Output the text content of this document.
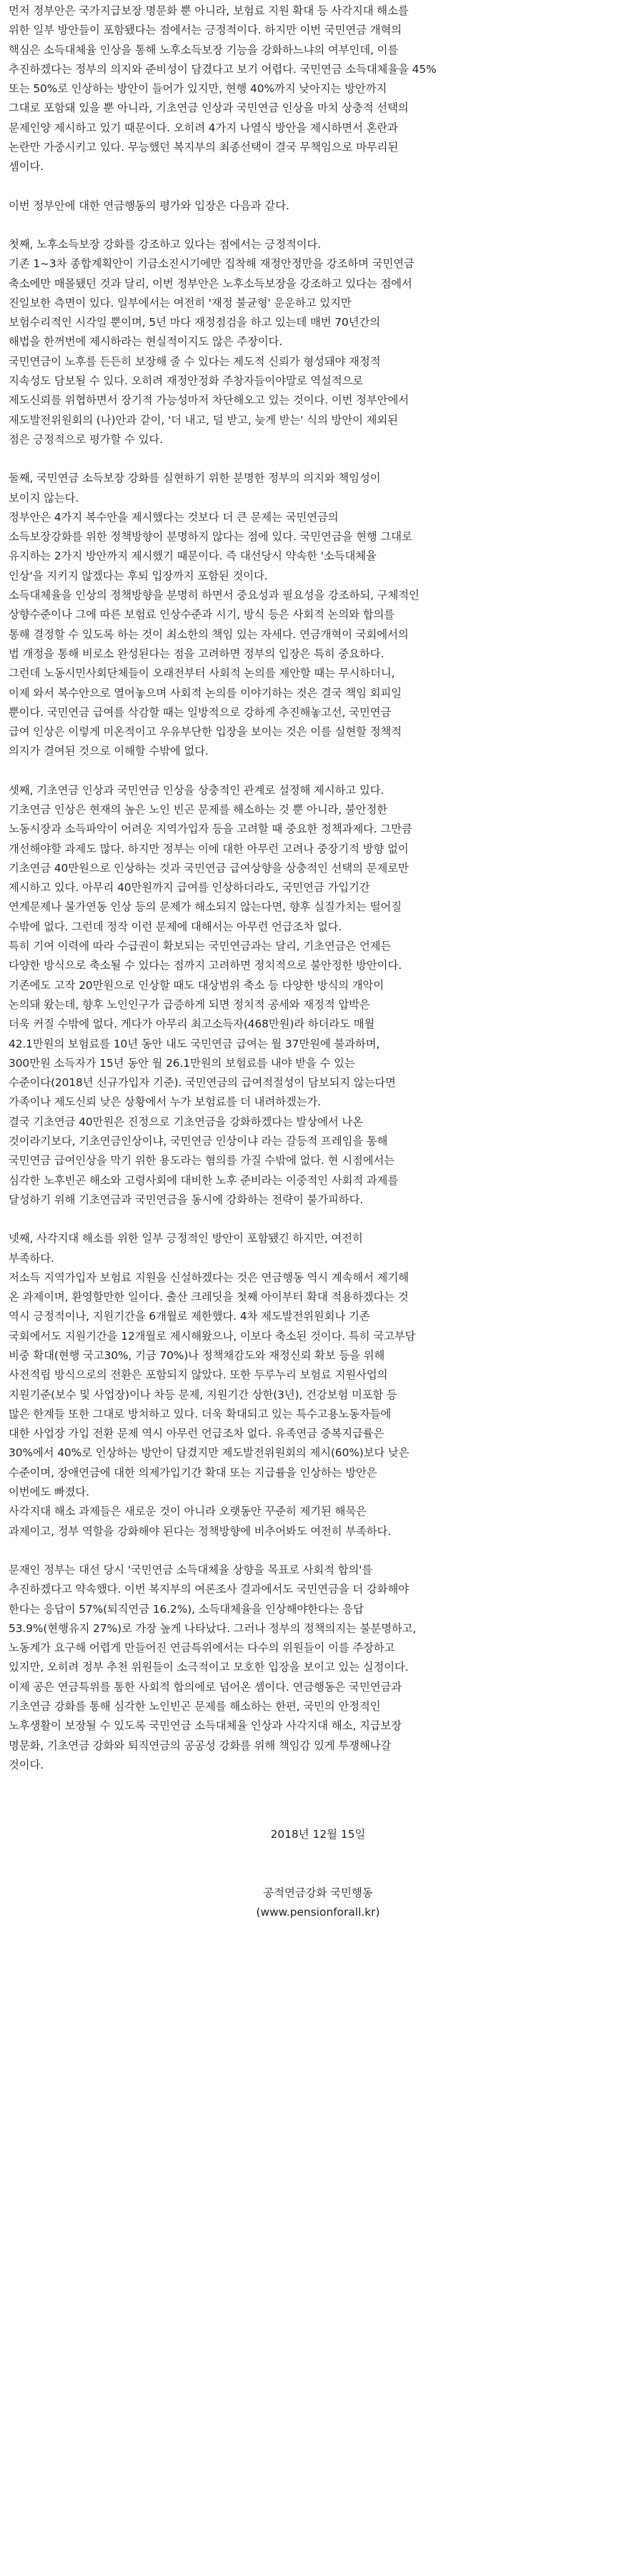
먼저 정부안은 국가지급보장 명문화 뿐 아니라, 보험료 지원 확대 등 사각지대 해소를
위한 일부 방안들이 포함됐다는 점에서는 긍정적이다. 하지만 이번 국민연금 개혁의
핵심은 소득대체율 인상을 통해 노후소득보장 기능을 강화하느냐의 여부인데, 이를
추진하겠다는 정부의 의지와 준비성이 담겼다고 보기 어렵다. 국민연금 소득대체율을 45%
또는 50%로 인상하는 방안이 들어가 있지만, 현행 40%까지 낮아지는 방안까지
그대로 포함돼 있을 뿐 아니라, 기초연금 인상과 국민연금 인상을 마치 상충적 선택의
문제인양 제시하고 있기 때문이다. 오히려 4가지 나열식 방안을 제시하면서 혼란과
논란만 가중시키고 있다. 무능했던 복지부의 최종선택이 결국 무책임으로 마무리된
셈이다.

이번 정부안에 대한 연금행동의 평가와 입장은 다음과 같다.

첫째, 노후소득보장 강화를 강조하고 있다는 점에서는 긍정적이다.
기존 1~3차 종합계획안이 기금소진시기에만 집착해 재정안정만을 강조하며 국민연금
축소에만 매몰됐던 것과 달리, 이번 정부안은 노후소득보장을 강조하고 있다는 점에서
진일보한 측면이 있다. 일부에서는 여전히 '재정 불균형' 운운하고 있지만
보험수리적인 시각일 뿐이며, 5년 마다 재정점검을 하고 있는데 매번 70년간의
해법을 한꺼번에 제시하라는 현실적이지도 않은 주장이다.
국민연금이 노후를 든든히 보장해 줄 수 있다는 제도적 신뢰가 형성돼야 재정적
지속성도 담보될 수 있다. 오히려 재정안정화 주창자들이야말로 역설적으로
제도신뢰를 위협하면서 장기적 가능성마저 차단해오고 있는 것이다. 이번 정부안에서
제도발전위원회의 (나)안과 같이, '더 내고, 덜 받고, 늦게 받는' 식의 방안이 제외된
점은 긍정적으로 평가할 수 있다.

둘째, 국민연금 소득보장 강화를 실현하기 위한 분명한 정부의 의지와 책임성이
보이지 않는다.
정부안은 4가지 복수안을 제시했다는 것보다 더 큰 문제는 국민연금의
소득보장강화를 위한 정책방향이 분명하지 않다는 점에 있다. 국민연금을 현행 그대로
유지하는 2가지 방안까지 제시했기 때문이다. 즉 대선당시 약속한 '소득대체율
인상'을 지키지 않겠다는 후퇴 입장까지 포함된 것이다.
소득대체율을 인상의 정책방향을 분명히 하면서 중요성과 필요성을 강조하되, 구체적인
상향수준이나 그에 따른 보험료 인상수준과 시기, 방식 등은 사회적 논의와 합의를
통해 결정할 수 있도록 하는 것이 최소한의 책임 있는 자세다. 연금개혁이 국회에서의
법 개정을 통해 비로소 완성된다는 점을 고려하면 정부의 입장은 특히 중요하다.
그런데 노동시민사회단체들이 오래전부터 사회적 논의를 제안할 때는 무시하더니,
이제 와서 복수안으로 열어놓으며 사회적 논의를 이야기하는 것은 결국 책임 회피일
뿐이다. 국민연금 급여를 삭감할 때는 일방적으로 강하게 추진해놓고선, 국민연금
급여 인상은 이렇게 미온적이고 우유부단한 입장을 보이는 것은 이를 실현할 정책적
의지가 결여된 것으로 이해할 수밖에 없다.

셋째, 기초연금 인상과 국민연금 인상을 상충적인 관계로 설정해 제시하고 있다.
기초연금 인상은 현재의 높은 노인 빈곤 문제를 해소하는 것 뿐 아니라, 불안정한
노동시장과 소득파악이 어려운 지역가입자 등을 고려할 때 중요한 정책과제다. 그만큼
개선해야할 과제도 많다. 하지만 정부는 이에 대한 아무런 고려나 중장기적 방향 없이
기초연금 40만원으로 인상하는 것과 국민연금 급여상향을 상충적인 선택의 문제로만
제시하고 있다. 아무리 40만원까지 급여를 인상하더라도, 국민연금 가입기간
연계문제나 물가연동 인상 등의 문제가 해소되지 않는다면, 향후 실질가치는 떨어질
수밖에 없다. 그런데 정작 이런 문제에 대해서는 아무런 언급조차 없다.
특히 기여 이력에 따라 수급권이 확보되는 국민연금과는 달리, 기초연금은 언제든
다양한 방식으로 축소될 수 있다는 점까지 고려하면 정치적으로 불안정한 방안이다.
기존에도 고작 20만원으로 인상할 때도 대상범위 축소 등 다양한 방식의 개악이
논의돼 왔는데, 향후 노인인구가 급증하게 되면 정치적 공세와 재정적 압박은
더욱 커질 수밖에 없다. 게다가 아무리 최고소득자(468만원)라 하더라도 매월
42.1만원의 보험료를 10년 동안 내도 국민연금 급여는 월 37만원에 불과하며,
300만원 소득자가 15년 동안 월 26.1만원의 보험료를 내야 받을 수 있는
수준이다(2018년 신규가입자 기준). 국민연금의 급여적절성이 담보되지 않는다면
가족이나 제도신뢰 낮은 상황에서 누가 보험료를 더 내려하겠는가.
결국 기초연금 40만원은 진정으로 기초연금을 강화하겠다는 발상에서 나온
것이라기보다, 기초연금인상이냐, 국민연금 인상이냐 라는 갈등적 프레임을 통해
국민연금 급여인상을 막기 위한 용도라는 혐의를 가질 수밖에 없다. 현 시점에서는
심각한 노후빈곤 해소와 고령사회에 대비한 노후 준비라는 이중적인 사회적 과제를
달성하기 위해 기초연금과 국민연금을 동시에 강화하는 전략이 불가피하다.

넷째, 사각지대 해소를 위한 일부 긍정적인 방안이 포함됐긴 하지만, 여전히
부족하다.
저소득 지역가입자 보험료 지원을 신설하겠다는 것은 연금행동 역시 계속해서 제기해
온 과제이며, 환영할만한 일이다. 출산 크레딧을 첫째 아이부터 확대 적용하겠다는 것
역시 긍정적이나, 지원기간을 6개월로 제한했다. 4차 제도발전위원회나 기존
국회에서도 지원기간을 12개월로 제시해왔으나, 이보다 축소된 것이다. 특히 국고부담
비중 확대(현행 국고30%, 기금 70%)나 정책채감도와 재정신뢰 확보 등을 위해
사전적립 방식으로의 전환은 포함되지 않았다. 또한 두루누리 보험료 지원사업의
지원기준(보수 및 사업장)이나 차등 문제, 지원기간 상한(3년), 건강보험 미포함 등
많은 한계들 또한 그대로 방치하고 있다. 더욱 확대되고 있는 특수고용노동자들에
대한 사업장 가입 전환 문제 역시 아무런 언급조차 없다. 유족연금 중복지급률은
30%에서 40%로 인상하는 방안이 담겼지만 제도발전위원회의 제시(60%)보다 낮은
수준이며, 장애연금에 대한 의제가입기간 확대 또는 지급률을 인상하는 방안은
이번에도 빠졌다.
사각지대 해소 과제들은 새로운 것이 아니라 오랫동안 꾸준히 제기된 해묵은
과제이고, 정부 역할을 강화해야 된다는 정책방향에 비추어봐도 여전히 부족하다.

문재인 정부는 대선 당시 '국민연금 소득대체율 상향을 목표로 사회적 합의'를
추진하겠다고 약속했다. 이번 복지부의 여론조사 결과에서도 국민연금을 더 강화해야
한다는 응답이 57%(퇴직연금 16.2%), 소득대체율을 인상해야한다는 응답
53.9%(현행유지 27%)로 가장 높게 나타났다. 그러나 정부의 정책의지는 불분명하고,
노동계가 요구해 어렵게 만들어진 연금특위에서는 다수의 위원들이 이를 주장하고
있지만, 오히려 정부 추천 위원들이 소극적이고 모호한 입장을 보이고 있는 실정이다.
이제 공은 연금특위를 통한 사회적 합의에로 넘어온 셈이다. 연금행동은 국민연금과
기초연금 강화를 통해 심각한 노인빈곤 문제를 해소하는 한편, 국민의 안정적인
노후생활이 보장될 수 있도록 국민연금 소득대체율 인상과 사각지대 해소, 지급보장
명문화, 기초연금 강화와 퇴직연금의 공공성 강화를 위해 책임감 있게 투쟁해나갈
것이다.

2018년 12월 15일
공적연금강화 국민행동
(www.pensionforall.kr)
